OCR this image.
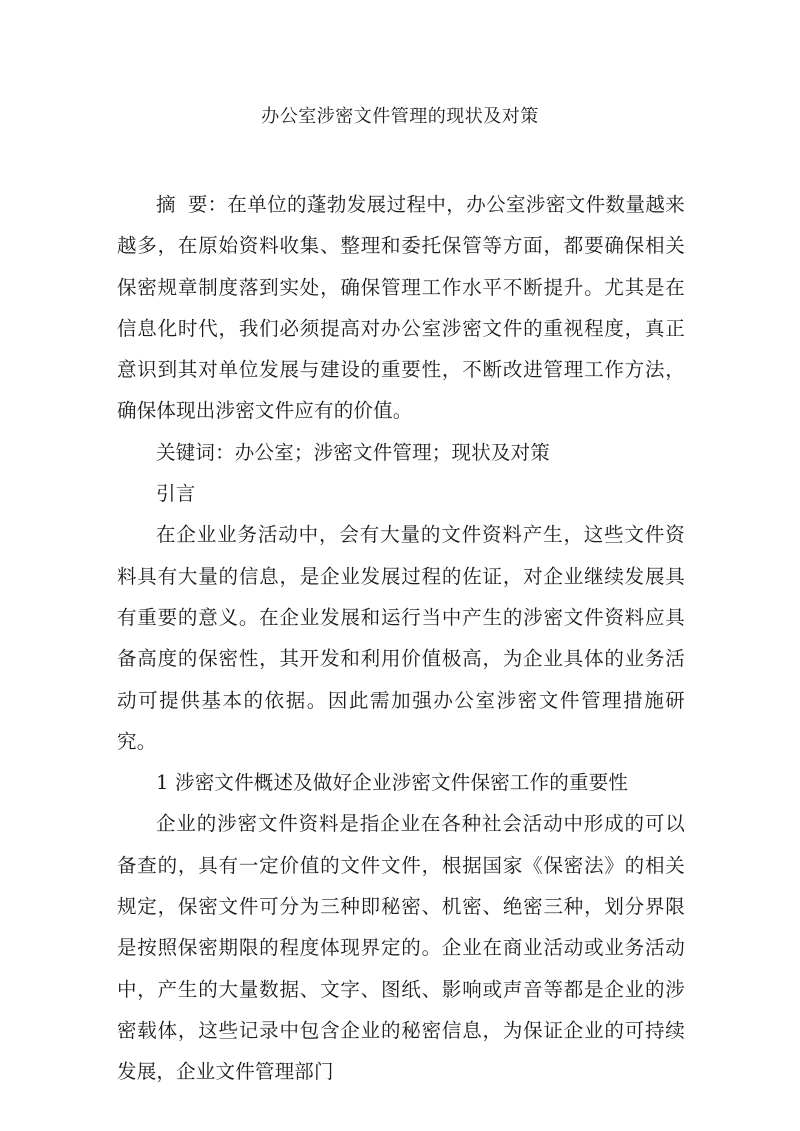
办公室涉密文件管理的现状及对策

摘 要：在单位的蓬勃发展过程中，办公室涉密文件数量越来越多，在原始资料收集、整理和委托保管等方面，都要确保相关保密规章制度落到实处，确保管理工作水平不断提升。尤其是在信息化时代，我们必须提高对办公室涉密文件的重视程度，真正意识到其对单位发展与建设的重要性，不断改进管理工作方法，确保体现出涉密文件应有的价值。

关键词：办公室；涉密文件管理；现状及对策

引言

在企业业务活动中，会有大量的文件资料产生，这些文件资料具有大量的信息，是企业发展过程的佐证，对企业继续发展具有重要的意义。在企业发展和运行当中产生的涉密文件资料应具备高度的保密性，其开发和利用价值极高，为企业具体的业务活动可提供基本的依据。因此需加强办公室涉密文件管理措施研究。

1 涉密文件概述及做好企业涉密文件保密工作的重要性

企业的涉密文件资料是指企业在各种社会活动中形成的可以备查的，具有一定价值的文件文件，根据国家《保密法》的相关规定，保密文件可分为三种即秘密、机密、绝密三种，划分界限是按照保密期限的程度体现界定的。企业在商业活动或业务活动中，产生的大量数据、文字、图纸、影响或声音等都是企业的涉密载体，这些记录中包含企业的秘密信息，为保证企业的可持续发展，企业文件管理部门
